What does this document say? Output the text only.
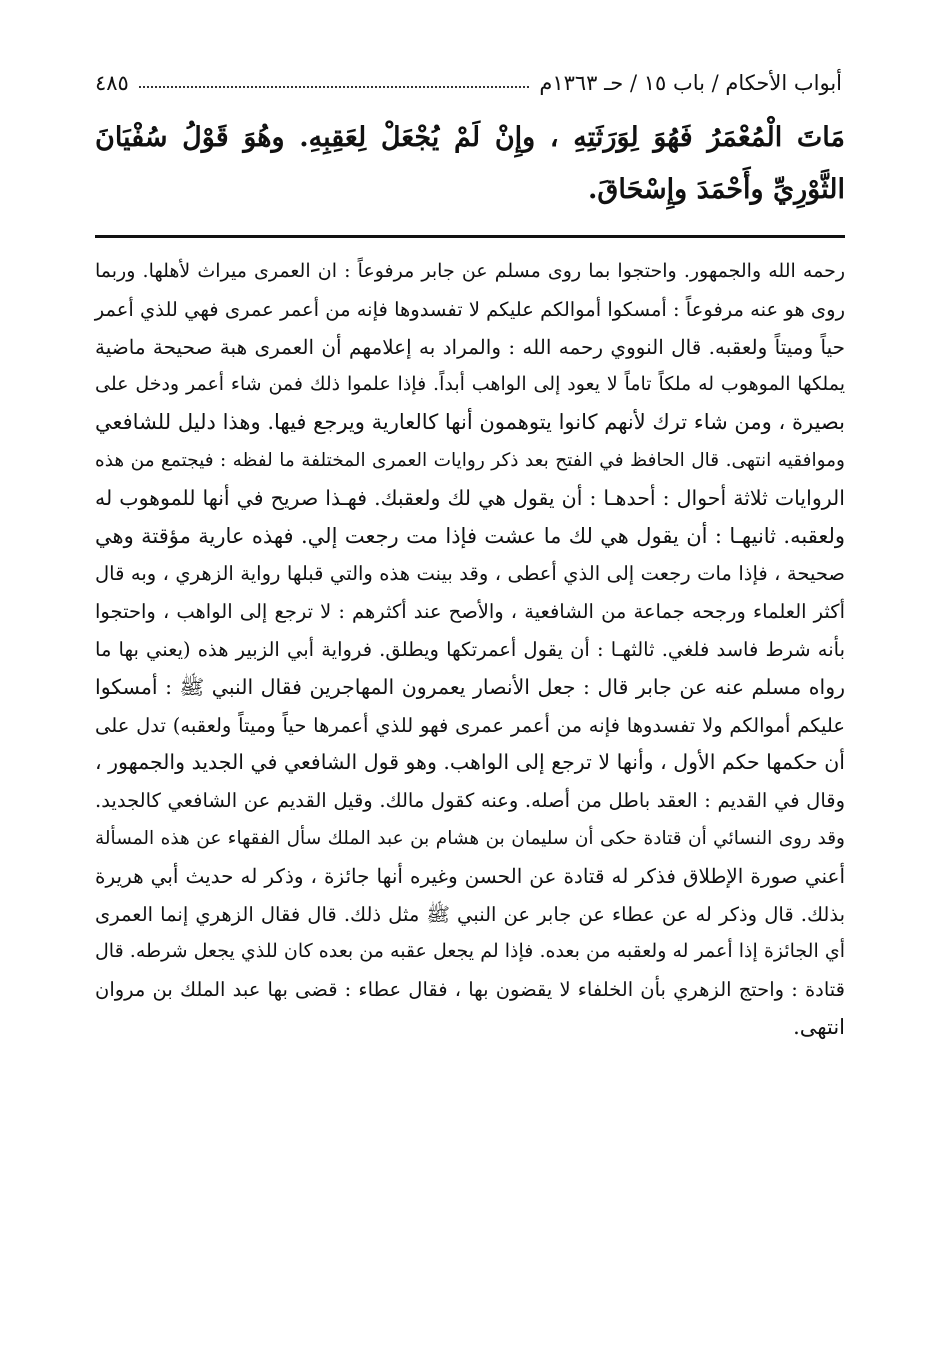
أبواب الأحكام / باب ١٥ / حـ ١٣٦٣م
٤٨٥
مَاتَ الْمُعْمَرُ فَهُوَ لِوَرَثَتِهِ ، وإِنْ لَمْ يُجْعَلْ لِعَقِبِهِ. وهُوَ قَوْلُ سُفْيَانَ الثَّوْرِيِّ وأَحْمَدَ وإِسْحَاقَ.
رحمه الله والجمهور. واحتجوا بما روى مسلم عن جابر مرفوعاً : ان العمرى ميراث لأهلها. وربما
روى هو عنه مرفوعاً : أمسكوا أموالكم عليكم لا تفسدوها فإنه من أعمر عمرى فهي للذي أعمر
حياً وميتاً ولعقبه. قال النووي رحمه الله : والمراد به إعلامهم أن العمرى هبة صحيحة ماضية
يملكها الموهوب له ملكاً تاماً لا يعود إلى الواهب أبداً. فإذا علموا ذلك فمن شاء أعمر ودخل على
بصيرة ، ومن شاء ترك لأنهم كانوا يتوهمون أنها كالعارية ويرجع فيها. وهذا دليل للشافعي
وموافقيه انتهى. قال الحافظ في الفتح بعد ذكر روايات العمرى المختلفة ما لفظه : فيجتمع من هذه
الروايات ثلاثة أحوال : أحدهـا : أن يقول هي لك ولعقبك. فهـذا صريح في أنها للموهوب له
ولعقبه. ثانيهـا : أن يقول هي لك ما عشت فإذا مت رجعت إلي. فهذه عارية مؤقتة وهي
صحيحة ، فإذا مات رجعت إلى الذي أعطى ، وقد بينت هذه والتي قبلها رواية الزهري ، وبه قال
أكثر العلماء ورجحه جماعة من الشافعية ، والأصح عند أكثرهم : لا ترجع إلى الواهب ، واحتجوا
بأنه شرط فاسد فلغي. ثالثهـا : أن يقول أعمرتكها ويطلق. فرواية أبي الزبير هذه (يعني بها ما
رواه مسلم عنه عن جابر قال : جعل الأنصار يعمرون المهاجرين فقال النبي ﷺ : أمسكوا
عليكم أموالكم ولا تفسدوها فإنه من أعمر عمرى فهو للذي أعمرها حياً وميتاً ولعقبه) تدل على
أن حكمها حكم الأول ، وأنها لا ترجع إلى الواهب. وهو قول الشافعي في الجديد والجمهور ،
وقال في القديم : العقد باطل من أصله. وعنه كقول مالك. وقيل القديم عن الشافعي كالجديد.
وقد روى النسائي أن قتادة حكى أن سليمان بن هشام بن عبد الملك سأل الفقهاء عن هذه المسألة
أعني صورة الإطلاق فذكر له قتادة عن الحسن وغيره أنها جائزة ، وذكر له حديث أبي هريرة
بذلك. قال وذكر له عن عطاء عن جابر عن النبي ﷺ مثل ذلك. قال فقال الزهري إنما العمرى
أي الجائزة إذا أعمر له ولعقبه من بعده. فإذا لم يجعل عقبه من بعده كان للذي يجعل شرطه. قال
قتادة : واحتج الزهري بأن الخلفاء لا يقضون بها ، فقال عطاء : قضى بها عبد الملك بن مروان
انتهى.
